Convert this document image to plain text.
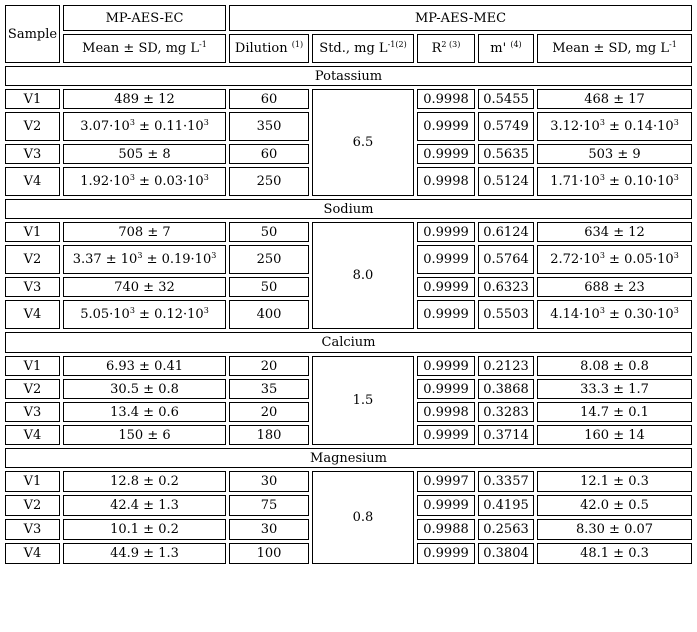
Sample	MP-AES-EC	MP-AES-MEC				
	Mean ± SD, mg $L^{-1}$	Dilution $^{(1)}$	Std., mg $L^{-1(2)}$	$R^{2 (3)}$	m' $^{(4)}$	Mean ± SD, mg $L^{-1}$
Potassium						
V1	489 ± 12	60	6.5	0.9998	0.5455	468 ± 17
V2	$3.07\cdot 10^3 \pm 0.11\cdot 10^3$	350		0.9999	0.5749	$3.12\cdot 10^3 \pm 0.14\cdot 10^3$
V3	505 ± 8	60		0.9999	0.5635	503 ± 9
V4	$1.92\cdot 10^3 \pm 0.03\cdot 10^3$	250		0.9998	0.5124	$1.71\cdot 10^3 \pm 0.10\cdot 10^3$
Sodium						
V1	708 ± 7	50	8.0	0.9999	0.6124	634 ± 12
V2	$3.37 \pm 10^3 \pm 0.19\cdot 10^3$	250		0.9999	0.5764	$2.72\cdot 10^3 \pm 0.05\cdot 10^3$
V3	740 ± 32	50		0.9999	0.6323	688 ± 23
V4	$5.05\cdot 10^3 \pm 0.12\cdot 10^3$	400		0.9999	0.5503	$4.14\cdot 10^3 \pm 0.30\cdot 10^3$
Calcium						
V1	6.93 ± 0.41	20	1.5	0.9999	0.2123	8.08 ± 0.8
V2	30.5 ± 0.8	35		0.9999	0.3868	33.3 ± 1.7
V3	13.4 ± 0.6	20		0.9998	0.3283	14.7 ± 0.1
V4	150 ± 6	180		0.9999	0.3714	160 ± 14
Magnesium						
V1	12.8 ± 0.2	30	0.8	0.9997	0.3357	12.1 ± 0.3
V2	42.4 ± 1.3	75		0.9999	0.4195	42.0 ± 0.5
V3	10.1 ± 0.2	30		0.9988	0.2563	8.30 ± 0.07
V4	44.9 ± 1.3	100		0.9999	0.3804	48.1 ± 0.3
